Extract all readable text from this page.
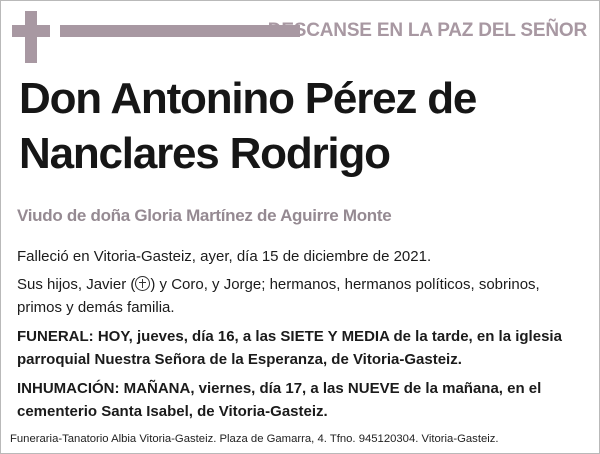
DESCANSE EN LA PAZ DEL SEÑOR
Don Antonino Pérez de Nanclares Rodrigo
Viudo de doña Gloria Martínez de Aguirre Monte
Falleció en Vitoria-Gasteiz, ayer, día 15 de diciembre de 2021.
Sus hijos, Javier ( ) y Coro, y Jorge; hermanos, hermanos políticos, sobrinos, primos y demás familia.
FUNERAL: HOY, jueves, día 16, a las SIETE Y MEDIA de la tarde, en la iglesia parroquial Nuestra Señora de la Esperanza, de Vitoria-Gasteiz.
INHUMACIÓN: MAÑANA, viernes, día 17, a las NUEVE de la mañana, en el cementerio Santa Isabel, de Vitoria-Gasteiz.
Funeraria-Tanatorio Albia Vitoria-Gasteiz. Plaza de Gamarra, 4. Tfno. 945120304. Vitoria-Gasteiz.
